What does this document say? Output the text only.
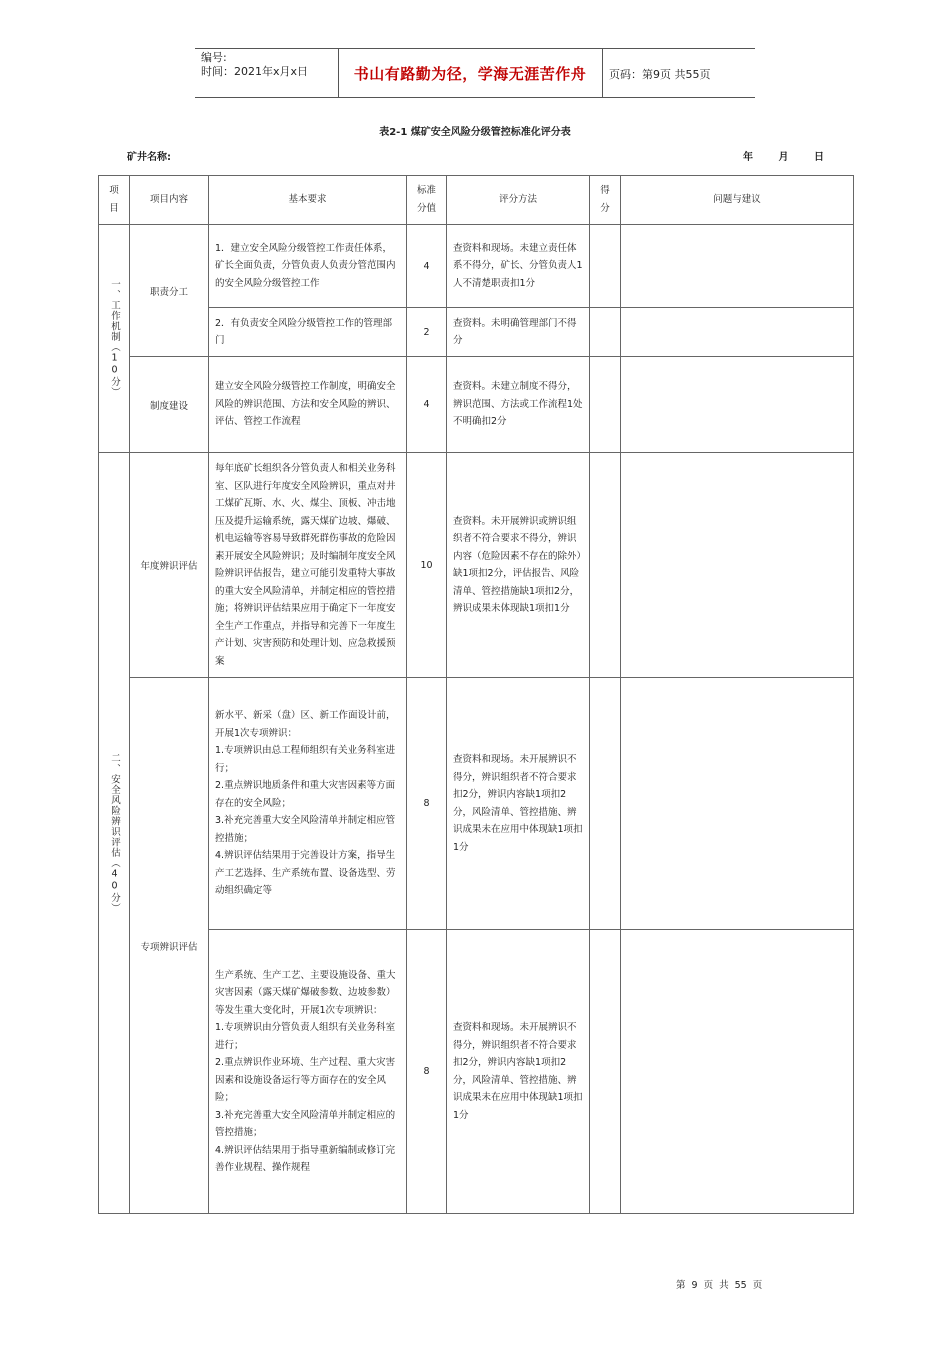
编号:
时间：2021年x月x日	书山有路勤为径，学海无涯苦作舟	页码：第9页 共55页
表2-1 煤矿安全风险分级管控标准化评分表
矿井名称:	年 月 日
项目	项目内容	基本要求	标准分值	评分方法	得分	问题与建议

一、工作机制（10分）	职责分工	1．建立安全风险分级管控工作责任体系，矿长全面负责，分管负责人负责分管范围内的安全风险分级管控工作	4	查资料和现场。未建立责任体系不得分，矿长、分管负责人1人不清楚职责扣1分		
		2．有负责安全风险分级管控工作的管理部门	2	查资料。未明确管理部门不得分		
	制度建设	建立安全风险分级管控工作制度，明确安全风险的辨识范围、方法和安全风险的辨识、评估、管控工作流程	4	查资料。未建立制度不得分，辨识范围、方法或工作流程1处不明确扣2分		

二、安全风险辨识评估（40分）	年度辨识评估	每年底矿长组织各分管负责人和相关业务科室、区队进行年度安全风险辨识，重点对井工煤矿瓦斯、水、火、煤尘、顶板、冲击地压及提升运输系统，露天煤矿边坡、爆破、机电运输等容易导致群死群伤事故的危险因素开展安全风险辨识；及时编制年度安全风险辨识评估报告，建立可能引发重特大事故的重大安全风险清单，并制定相应的管控措施；将辨识评估结果应用于确定下一年度安全生产工作重点，并指导和完善下一年度生产计划、灾害预防和处理计划、应急救援预案	10	查资料。未开展辨识或辨识组织者不符合要求不得分，辨识内容（危险因素不存在的除外）缺1项扣2分，评估报告、风险清单、管控措施缺1项扣2分，辨识成果未体现缺1项扣1分		
	专项辨识评估	新水平、新采（盘）区、新工作面设计前，开展1次专项辨识：
1.专项辨识由总工程师组织有关业务科室进行；
2.重点辨识地质条件和重大灾害因素等方面存在的安全风险；
3.补充完善重大安全风险清单并制定相应管控措施；
4.辨识评估结果用于完善设计方案，指导生产工艺选择、生产系统布置、设备选型、劳动组织确定等	8	查资料和现场。未开展辨识不得分，辨识组织者不符合要求扣2分，辨识内容缺1项扣2分，风险清单、管控措施、辨识成果未在应用中体现缺1项扣1分		
		生产系统、生产工艺、主要设施设备、重大灾害因素（露天煤矿爆破参数、边坡参数）等发生重大变化时，开展1次专项辨识：
1.专项辨识由分管负责人组织有关业务科室进行；
2.重点辨识作业环境、生产过程、重大灾害因素和设施设备运行等方面存在的安全风险；
3.补充完善重大安全风险清单并制定相应的管控措施；
4.辨识评估结果用于指导重新编制或修订完善作业规程、操作规程	8	查资料和现场。未开展辨识不得分，辨识组织者不符合要求扣2分，辨识内容缺1项扣2分，风险清单、管控措施、辨识成果未在应用中体现缺1项扣1分		
第 9 页 共 55 页
